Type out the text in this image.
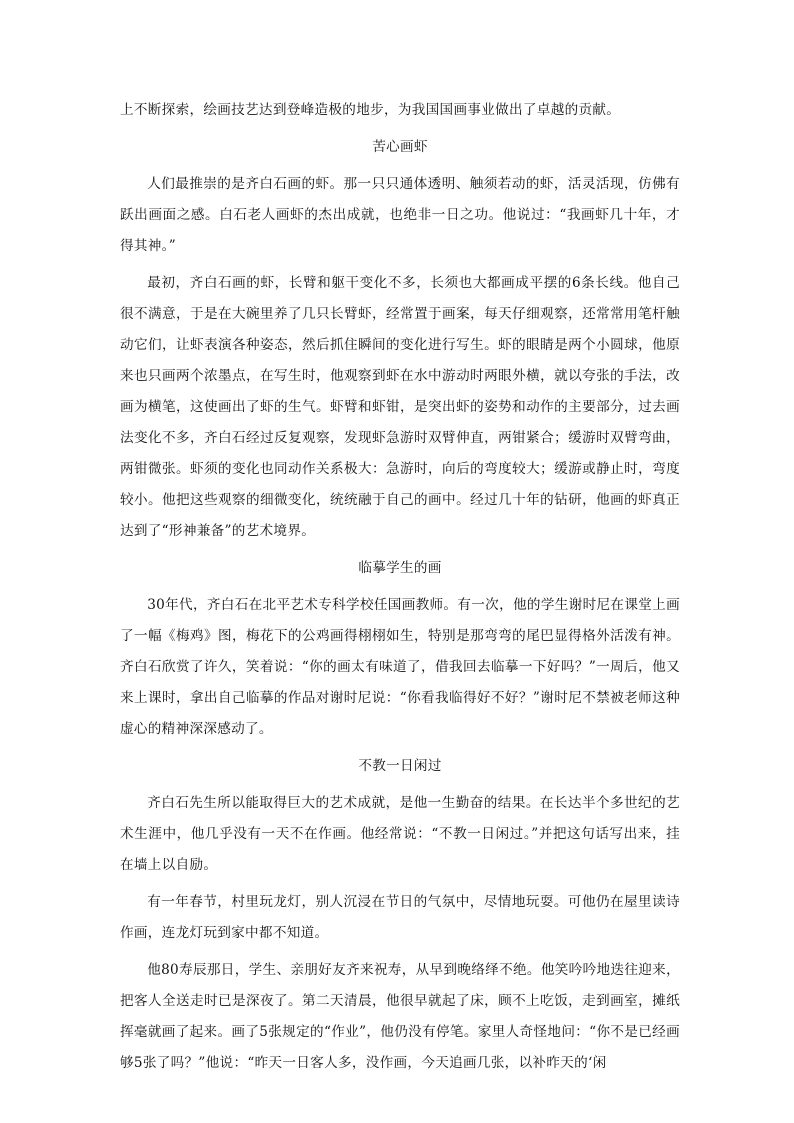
上不断探索，绘画技艺达到登峰造极的地步，为我国国画事业做出了卓越的贡献。

苦心画虾

人们最推崇的是齐白石画的虾。那一只只通体透明、触须若动的虾，活灵活现，仿佛有跃出画面之感。白石老人画虾的杰出成就，也绝非一日之功。他说过：“我画虾几十年，才得其神。”

最初，齐白石画的虾，长臂和躯干变化不多，长须也大都画成平摆的6条长线。他自己很不满意，于是在大碗里养了几只长臂虾，经常置于画案，每天仔细观察，还常常用笔杆触动它们，让虾表演各种姿态，然后抓住瞬间的变化进行写生。虾的眼睛是两个小圆球，他原来也只画两个浓墨点，在写生时，他观察到虾在水中游动时两眼外横，就以夸张的手法，改画为横笔，这使画出了虾的生气。虾臂和虾钳，是突出虾的姿势和动作的主要部分，过去画法变化不多，齐白石经过反复观察，发现虾急游时双臂伸直，两钳紧合；缓游时双臂弯曲，两钳微张。虾须的变化也同动作关系极大：急游时，向后的弯度较大；缓游或静止时，弯度较小。他把这些观察的细微变化，统统融于自己的画中。经过几十年的钻研，他画的虾真正达到了“形神兼备”的艺术境界。

临摹学生的画

30年代，齐白石在北平艺术专科学校任国画教师。有一次，他的学生谢时尼在课堂上画了一幅《梅鸡》图，梅花下的公鸡画得栩栩如生，特别是那弯弯的尾巴显得格外活泼有神。齐白石欣赏了许久，笑着说：“你的画太有味道了，借我回去临摹一下好吗？”一周后，他又来上课时，拿出自己临摹的作品对谢时尼说：“你看我临得好不好？”谢时尼不禁被老师这种虚心的精神深深感动了。

不教一日闲过

齐白石先生所以能取得巨大的艺术成就，是他一生勤奋的结果。在长达半个多世纪的艺术生涯中，他几乎没有一天不在作画。他经常说：“不教一日闲过。”并把这句话写出来，挂在墙上以自励。

有一年春节，村里玩龙灯，别人沉浸在节日的气氛中，尽情地玩耍。可他仍在屋里读诗作画，连龙灯玩到家中都不知道。

他80寿辰那日，学生、亲朋好友齐来祝寿，从早到晚络绎不绝。他笑吟吟地迭往迎来，把客人全送走时已是深夜了。第二天清晨，他很早就起了床，顾不上吃饭，走到画室，摊纸挥毫就画了起来。画了5张规定的“作业”，他仍没有停笔。家里人奇怪地问：“你不是已经画够5张了吗？”他说：“昨天一日客人多，没作画，今天追画几张，以补昨天的‘闲
